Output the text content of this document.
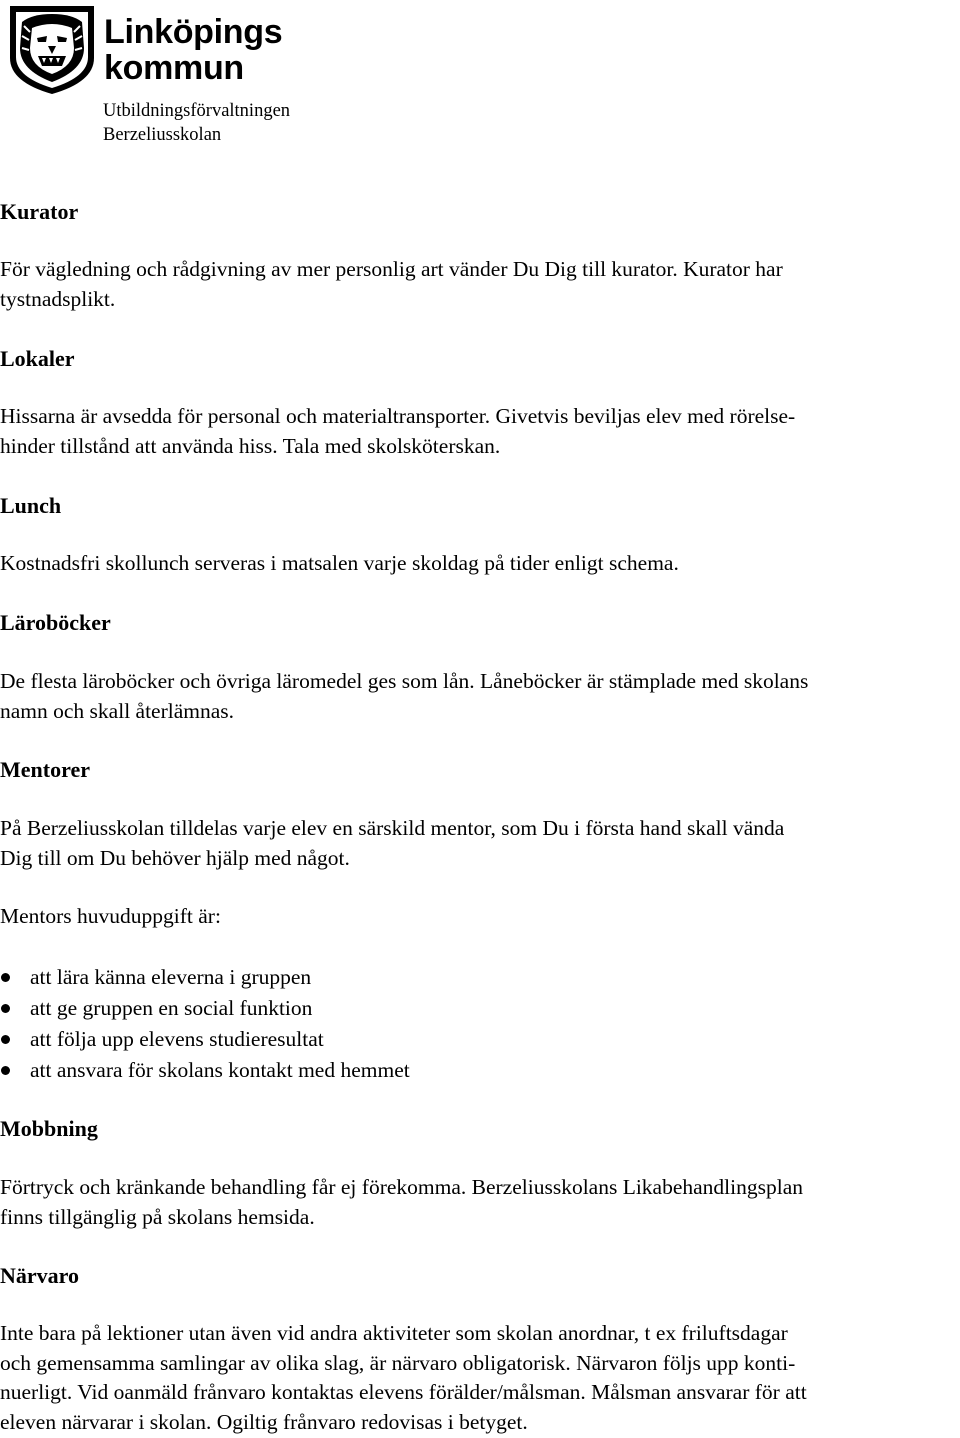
Linköpings
kommun
Utbildningsförvaltningen
Berzeliusskolan
Kurator
För vägledning och rådgivning av mer personlig art vänder Du Dig till kurator. Kurator har
tystnadsplikt.
Lokaler
Hissarna är avsedda för personal och materialtransporter. Givetvis beviljas elev med rörelse-
hinder tillstånd att använda hiss. Tala med skolsköterskan.
Lunch
Kostnadsfri skollunch serveras i matsalen varje skoldag på tider enligt schema.
Läroböcker
De flesta läroböcker och övriga läromedel ges som lån. Låneböcker är stämplade med skolans
namn och skall återlämnas.
Mentorer
På Berzeliusskolan tilldelas varje elev en särskild mentor, som Du i första hand skall vända
Dig till om Du behöver hjälp med något.
Mentors huvuduppgift är:
att lära känna eleverna i gruppen
att ge gruppen en social funktion
att följa upp elevens studieresultat
att ansvara för skolans kontakt med hemmet
Mobbning
Förtryck och kränkande behandling får ej förekomma. Berzeliusskolans Likabehandlingsplan
finns tillgänglig på skolans hemsida.
Närvaro
Inte bara på lektioner utan även vid andra aktiviteter som skolan anordnar, t ex friluftsdagar
och gemensamma samlingar av olika slag, är närvaro obligatorisk. Närvaron följs upp konti-
nuerligt. Vid oanmäld frånvaro kontaktas elevens förälder/målsman. Målsman ansvarar för att
eleven närvarar i skolan. Ogiltig frånvaro redovisas i betyget.
